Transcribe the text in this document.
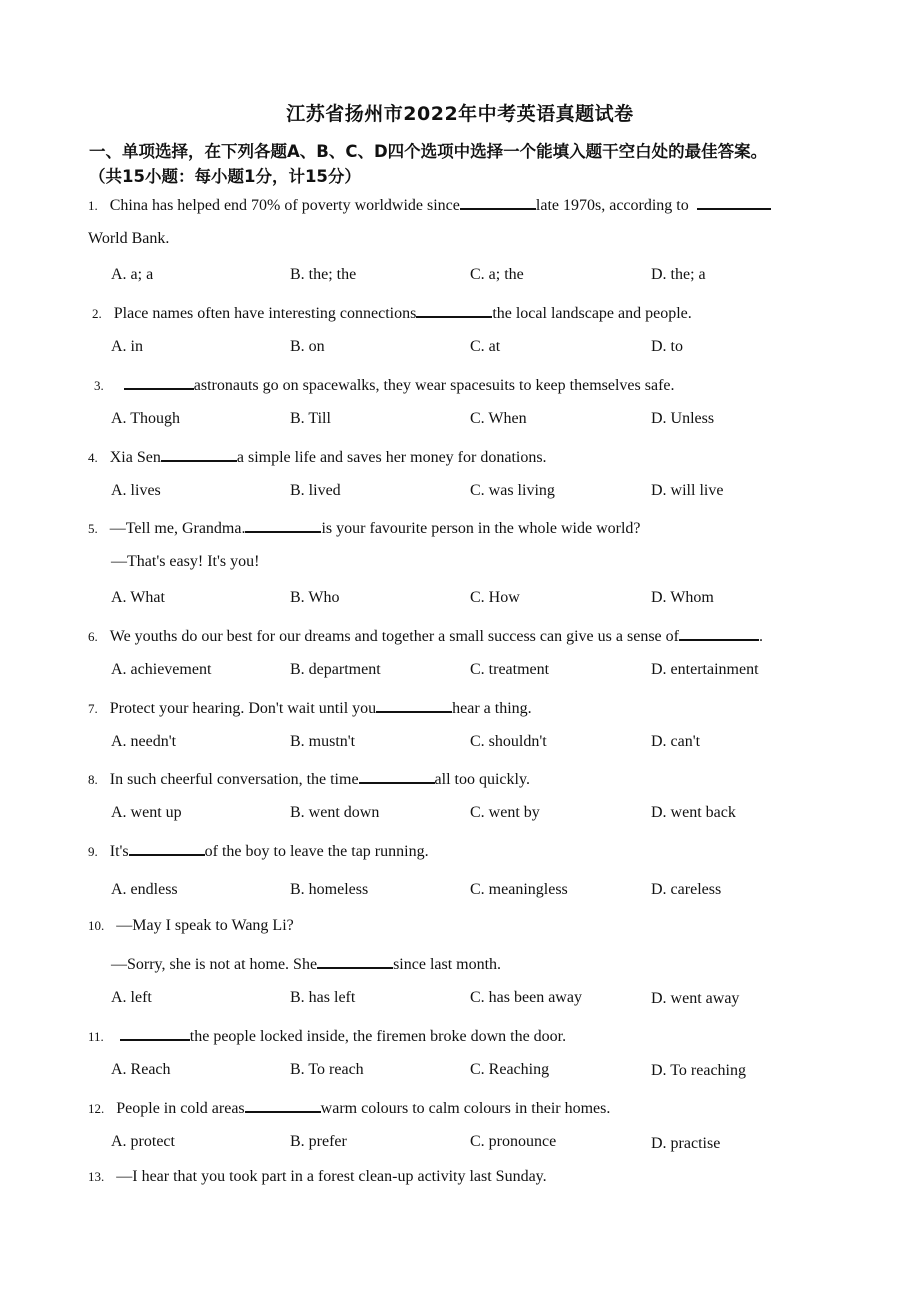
江苏省扬州市2022年中考英语真题试卷
一、单项选择，在下列各题A、B、C、D四个选项中选择一个能填入题干空白处的最佳答案。
（共15小题：每小题1分，计15分）
1. China has helped end 70% of poverty worldwide since	late 1970s, according to
World Bank.
A. a; a	B. the; the	C. a; the	D. the; a
2. Place names often have interesting connections	the local landscape and people.
A. in	B. on	C. at	D. to
3.	astronauts go on spacewalks, they wear spacesuits to keep themselves safe.
A. Though	B. Till	C. When	D. Unless
4. Xia Sen	a simple life and saves her money for donations.
A. lives	B. lived	C. was living	D. will live
5. —Tell me, Grandma.	is your favourite person in the whole wide world?
—That's easy! It's you!
A. What	B. Who	C. How	D. Whom
6. We youths do our best for our dreams and together a small success can give us a sense of	.
A. achievement	B. department	C. treatment	D. entertainment
7. Protect your hearing. Don't wait until you	hear a thing.
A. needn't	B. mustn't	C. shouldn't	D. can't
8. In such cheerful conversation, the time	all too quickly.
A. went up	B. went down	C. went by	D. went back
9. It's	of the boy to leave the tap running.
A. endless	B. homeless	C. meaningless	D. careless
10. —May I speak to Wang Li?
—Sorry, she is not at home. She	since last month.
A. left	B. has left	C. has been away	D. went away
11.	the people locked inside, the firemen broke down the door.
A. Reach	B. To reach	C. Reaching	D. To reaching
12. People in cold areas	warm colours to calm colours in their homes.
A. protect	B. prefer	C. pronounce	D. practise
13. —I hear that you took part in a forest clean-up activity last Sunday.
